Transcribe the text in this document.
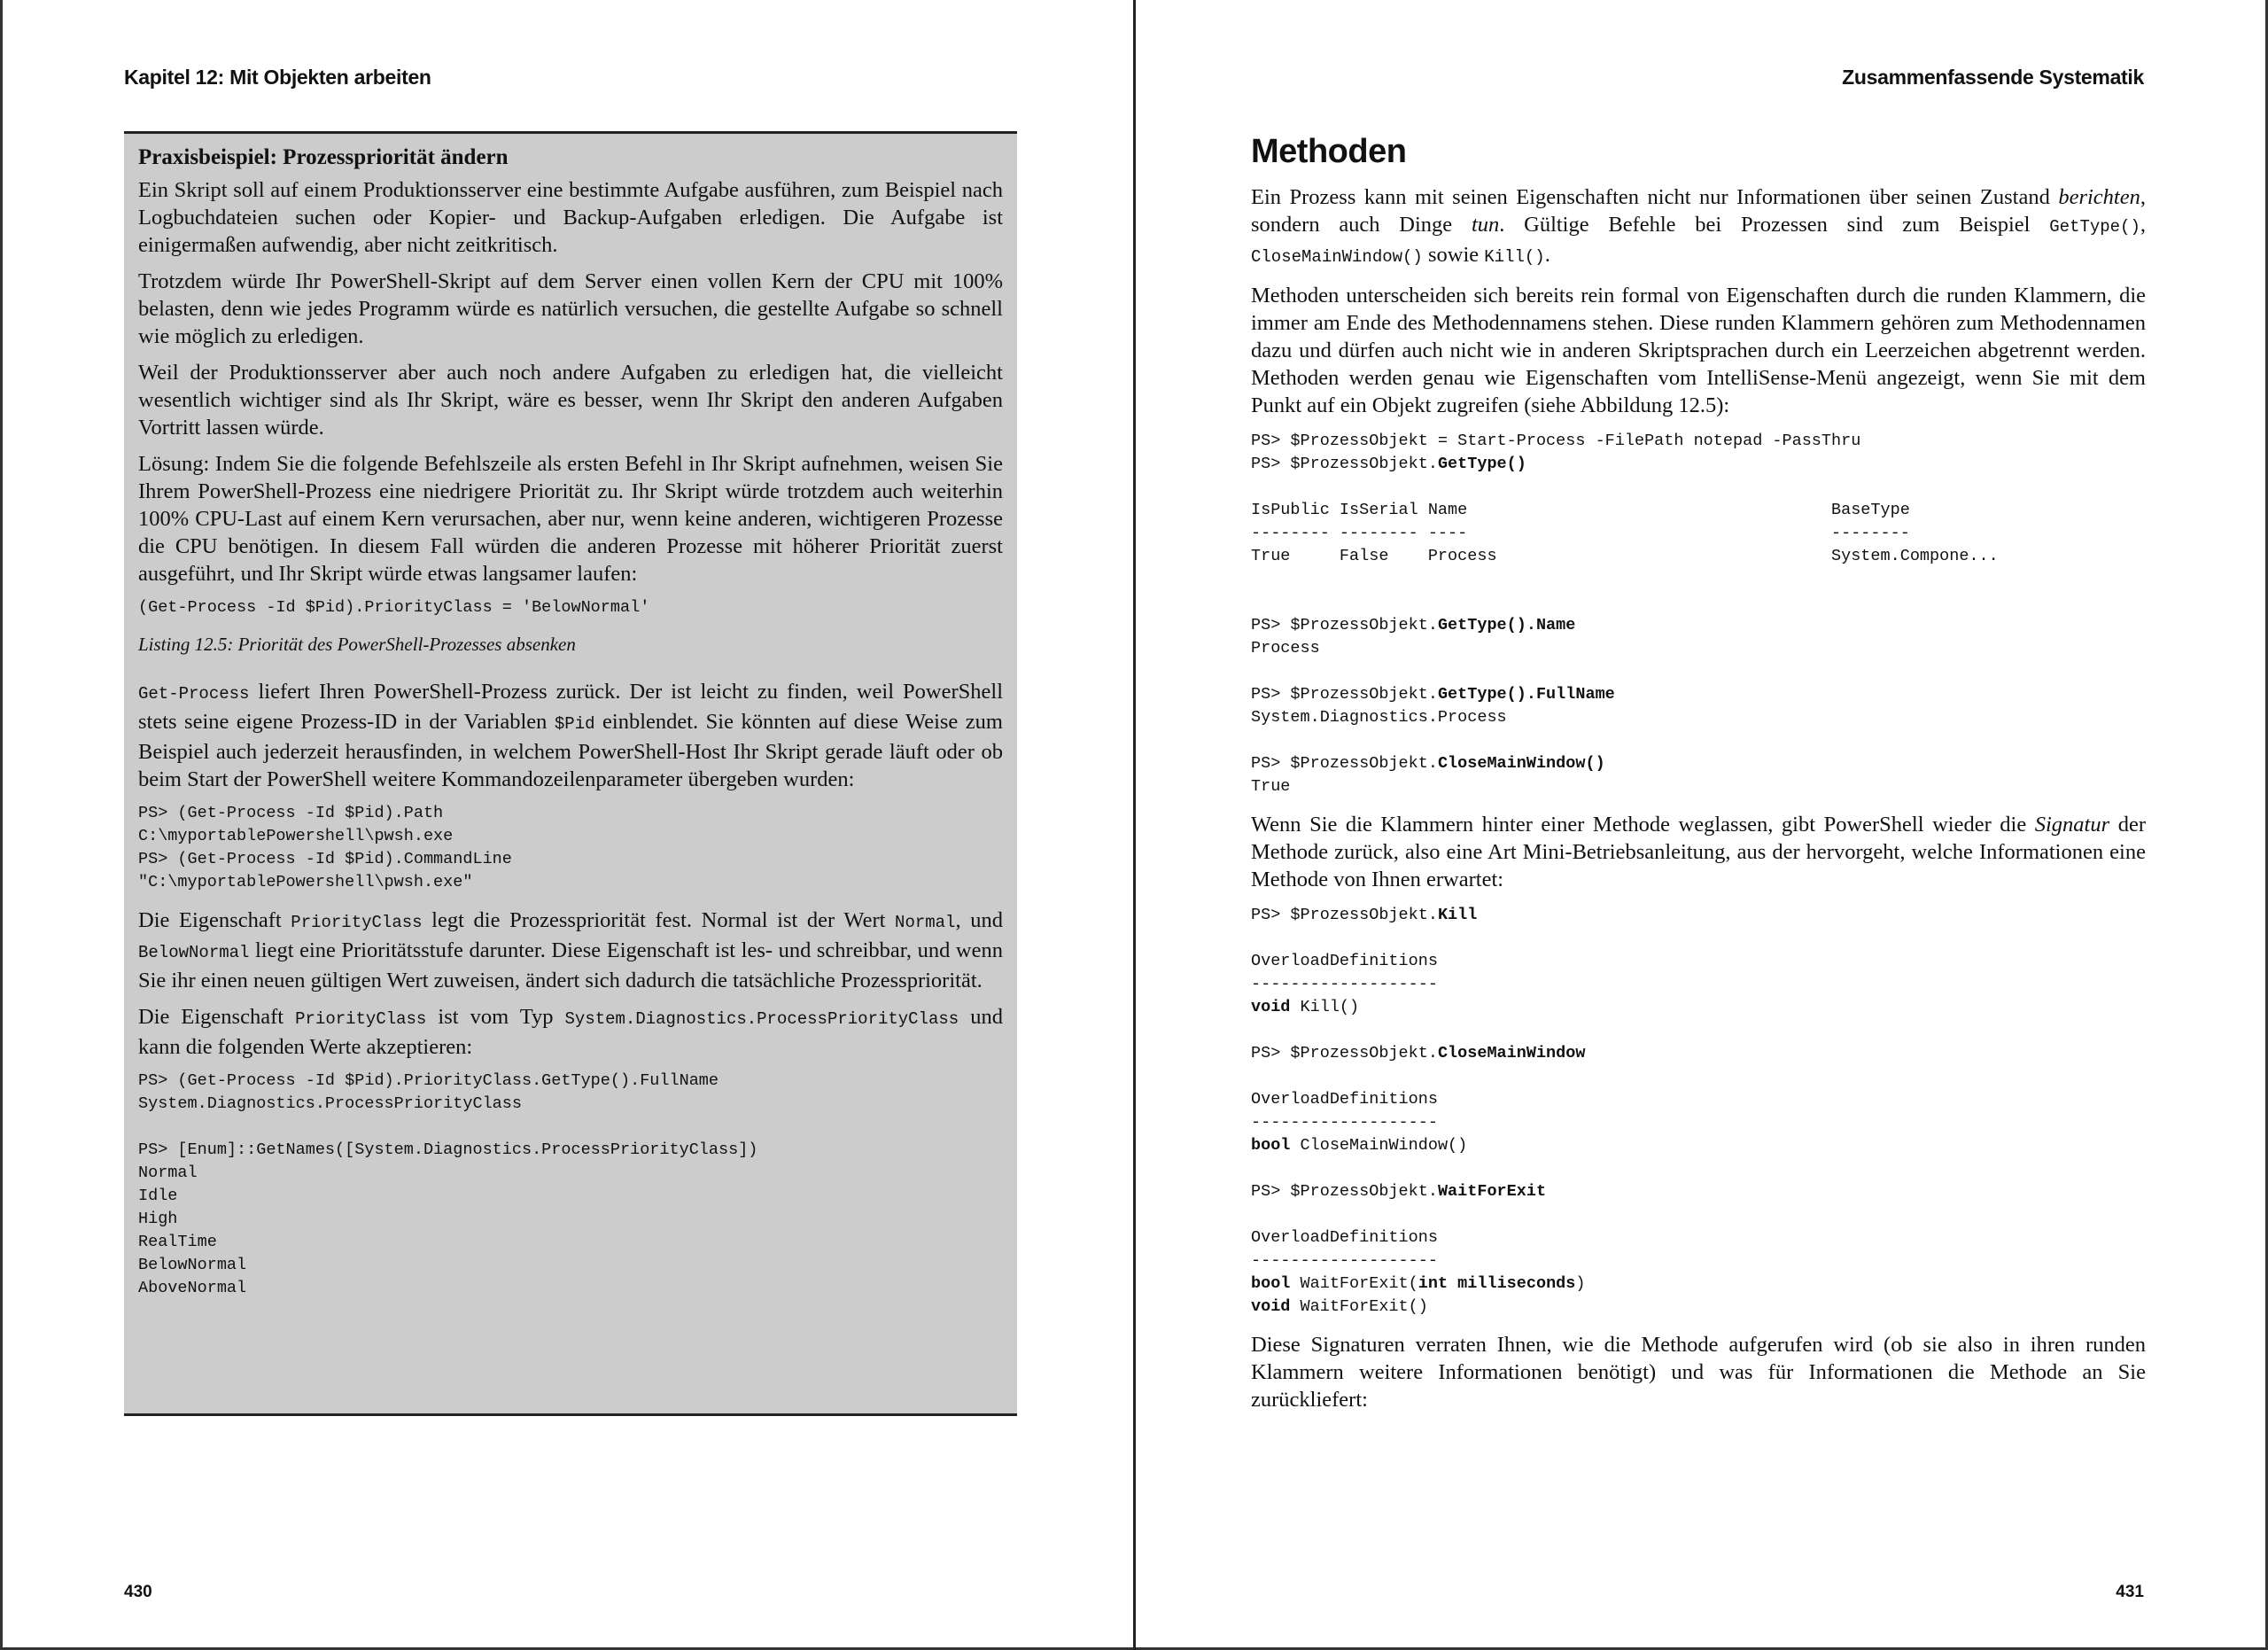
Kapitel 12: Mit Objekten arbeiten
Praxisbeispiel: Prozesspriorität ändern

Ein Skript soll auf einem Produktionsserver eine bestimmte Aufgabe ausführen, zum Beispiel nach Logbuchdateien suchen oder Kopier- und Backup-Aufgaben erledigen. Die Aufgabe ist einigermaßen aufwendig, aber nicht zeitkritisch.

Trotzdem würde Ihr PowerShell-Skript auf dem Server einen vollen Kern der CPU mit 100% belasten, denn wie jedes Programm würde es natürlich versuchen, die gestellte Aufgabe so schnell wie möglich zu erledigen.

Weil der Produktionsserver aber auch noch andere Aufgaben zu erledigen hat, die vielleicht wesentlich wichtiger sind als Ihr Skript, wäre es besser, wenn Ihr Skript den anderen Aufgaben Vortritt lassen würde.

Lösung: Indem Sie die folgende Befehlszeile als ersten Befehl in Ihr Skript aufnehmen, weisen Sie Ihrem PowerShell-Prozess eine niedrigere Priorität zu. Ihr Skript würde trotzdem auch weiterhin 100% CPU-Last auf einem Kern verursachen, aber nur, wenn keine anderen, wichtigeren Prozesse die CPU benötigen. In diesem Fall würden die anderen Prozesse mit höherer Priorität zuerst ausgeführt, und Ihr Skript würde etwas langsamer laufen:

(Get-Process -Id $Pid).PriorityClass = 'BelowNormal'
Listing 12.5: Priorität des PowerShell-Prozesses absenken

Get-Process liefert Ihren PowerShell-Prozess zurück. Der ist leicht zu finden, weil PowerShell stets seine eigene Prozess-ID in der Variablen $Pid einblendet. Sie könnten auf diese Weise zum Beispiel auch jederzeit herausfinden, in welchem PowerShell-Host Ihr Skript gerade läuft oder ob beim Start der PowerShell weitere Kommandozeilenparameter übergeben wurden:

PS> (Get-Process -Id $Pid).Path
C:\myportablePowershell\pwsh.exe
PS> (Get-Process -Id $Pid).CommandLine
"C:\myportablePowershell\pwsh.exe"

Die Eigenschaft PriorityClass legt die Prozesspriorität fest. Normal ist der Wert Normal, und BelowNormal liegt eine Prioritätsstufe darunter. Diese Eigenschaft ist les- und schreibbar, und wenn Sie ihr einen neuen gültigen Wert zuweisen, ändert sich dadurch die tatsächliche Prozesspriorität.

Die Eigenschaft PriorityClass ist vom Typ System.Diagnostics.ProcessPriorityClass und kann die folgenden Werte akzeptieren:

PS> (Get-Process -Id $Pid).PriorityClass.GetType().FullName
System.Diagnostics.ProcessPriorityClass

PS> [Enum]::GetNames([System.Diagnostics.ProcessPriorityClass])
Normal
Idle
High
RealTime
BelowNormal
AboveNormal
430
Zusammenfassende Systematik
Methoden

Ein Prozess kann mit seinen Eigenschaften nicht nur Informationen über seinen Zustand berichten, sondern auch Dinge tun. Gültige Befehle bei Prozessen sind zum Beispiel GetType(), CloseMainWindow() sowie Kill().

Methoden unterscheiden sich bereits rein formal von Eigenschaften durch die runden Klammern, die immer am Ende des Methodennamens stehen. Diese runden Klammern gehören zum Methodennamen dazu und dürfen auch nicht wie in anderen Skriptsprachen durch ein Leerzeichen abgetrennt werden. Methoden werden genau wie Eigenschaften vom IntelliSense-Menü angezeigt, wenn Sie mit dem Punkt auf ein Objekt zugreifen (siehe Abbildung 12.5):

PS> $ProzessObjekt = Start-Process -FilePath notepad -PassThru
PS> $ProzessObjekt.GetType()

IsPublic IsSerial Name                                     BaseType
-------- -------- ----                                     --------
True     False    Process                                  System.Compone...

PS> $ProzessObjekt.GetType().Name
Process

PS> $ProzessObjekt.GetType().FullName
System.Diagnostics.Process

PS> $ProzessObjekt.CloseMainWindow()
True

Wenn Sie die Klammern hinter einer Methode weglassen, gibt PowerShell wieder die Signatur der Methode zurück, also eine Art Mini-Betriebsanleitung, aus der hervorgeht, welche Informationen eine Methode von Ihnen erwartet:

PS> $ProzessObjekt.Kill

OverloadDefinitions
-------------------
void Kill()

PS> $ProzessObjekt.CloseMainWindow

OverloadDefinitions
-------------------
bool CloseMainWindow()

PS> $ProzessObjekt.WaitForExit

OverloadDefinitions
-------------------
bool WaitForExit(int milliseconds)
void WaitForExit()

Diese Signaturen verraten Ihnen, wie die Methode aufgerufen wird (ob sie also in ihren runden Klammern weitere Informationen benötigt) und was für Informationen die Methode an Sie zurückliefert:

431
